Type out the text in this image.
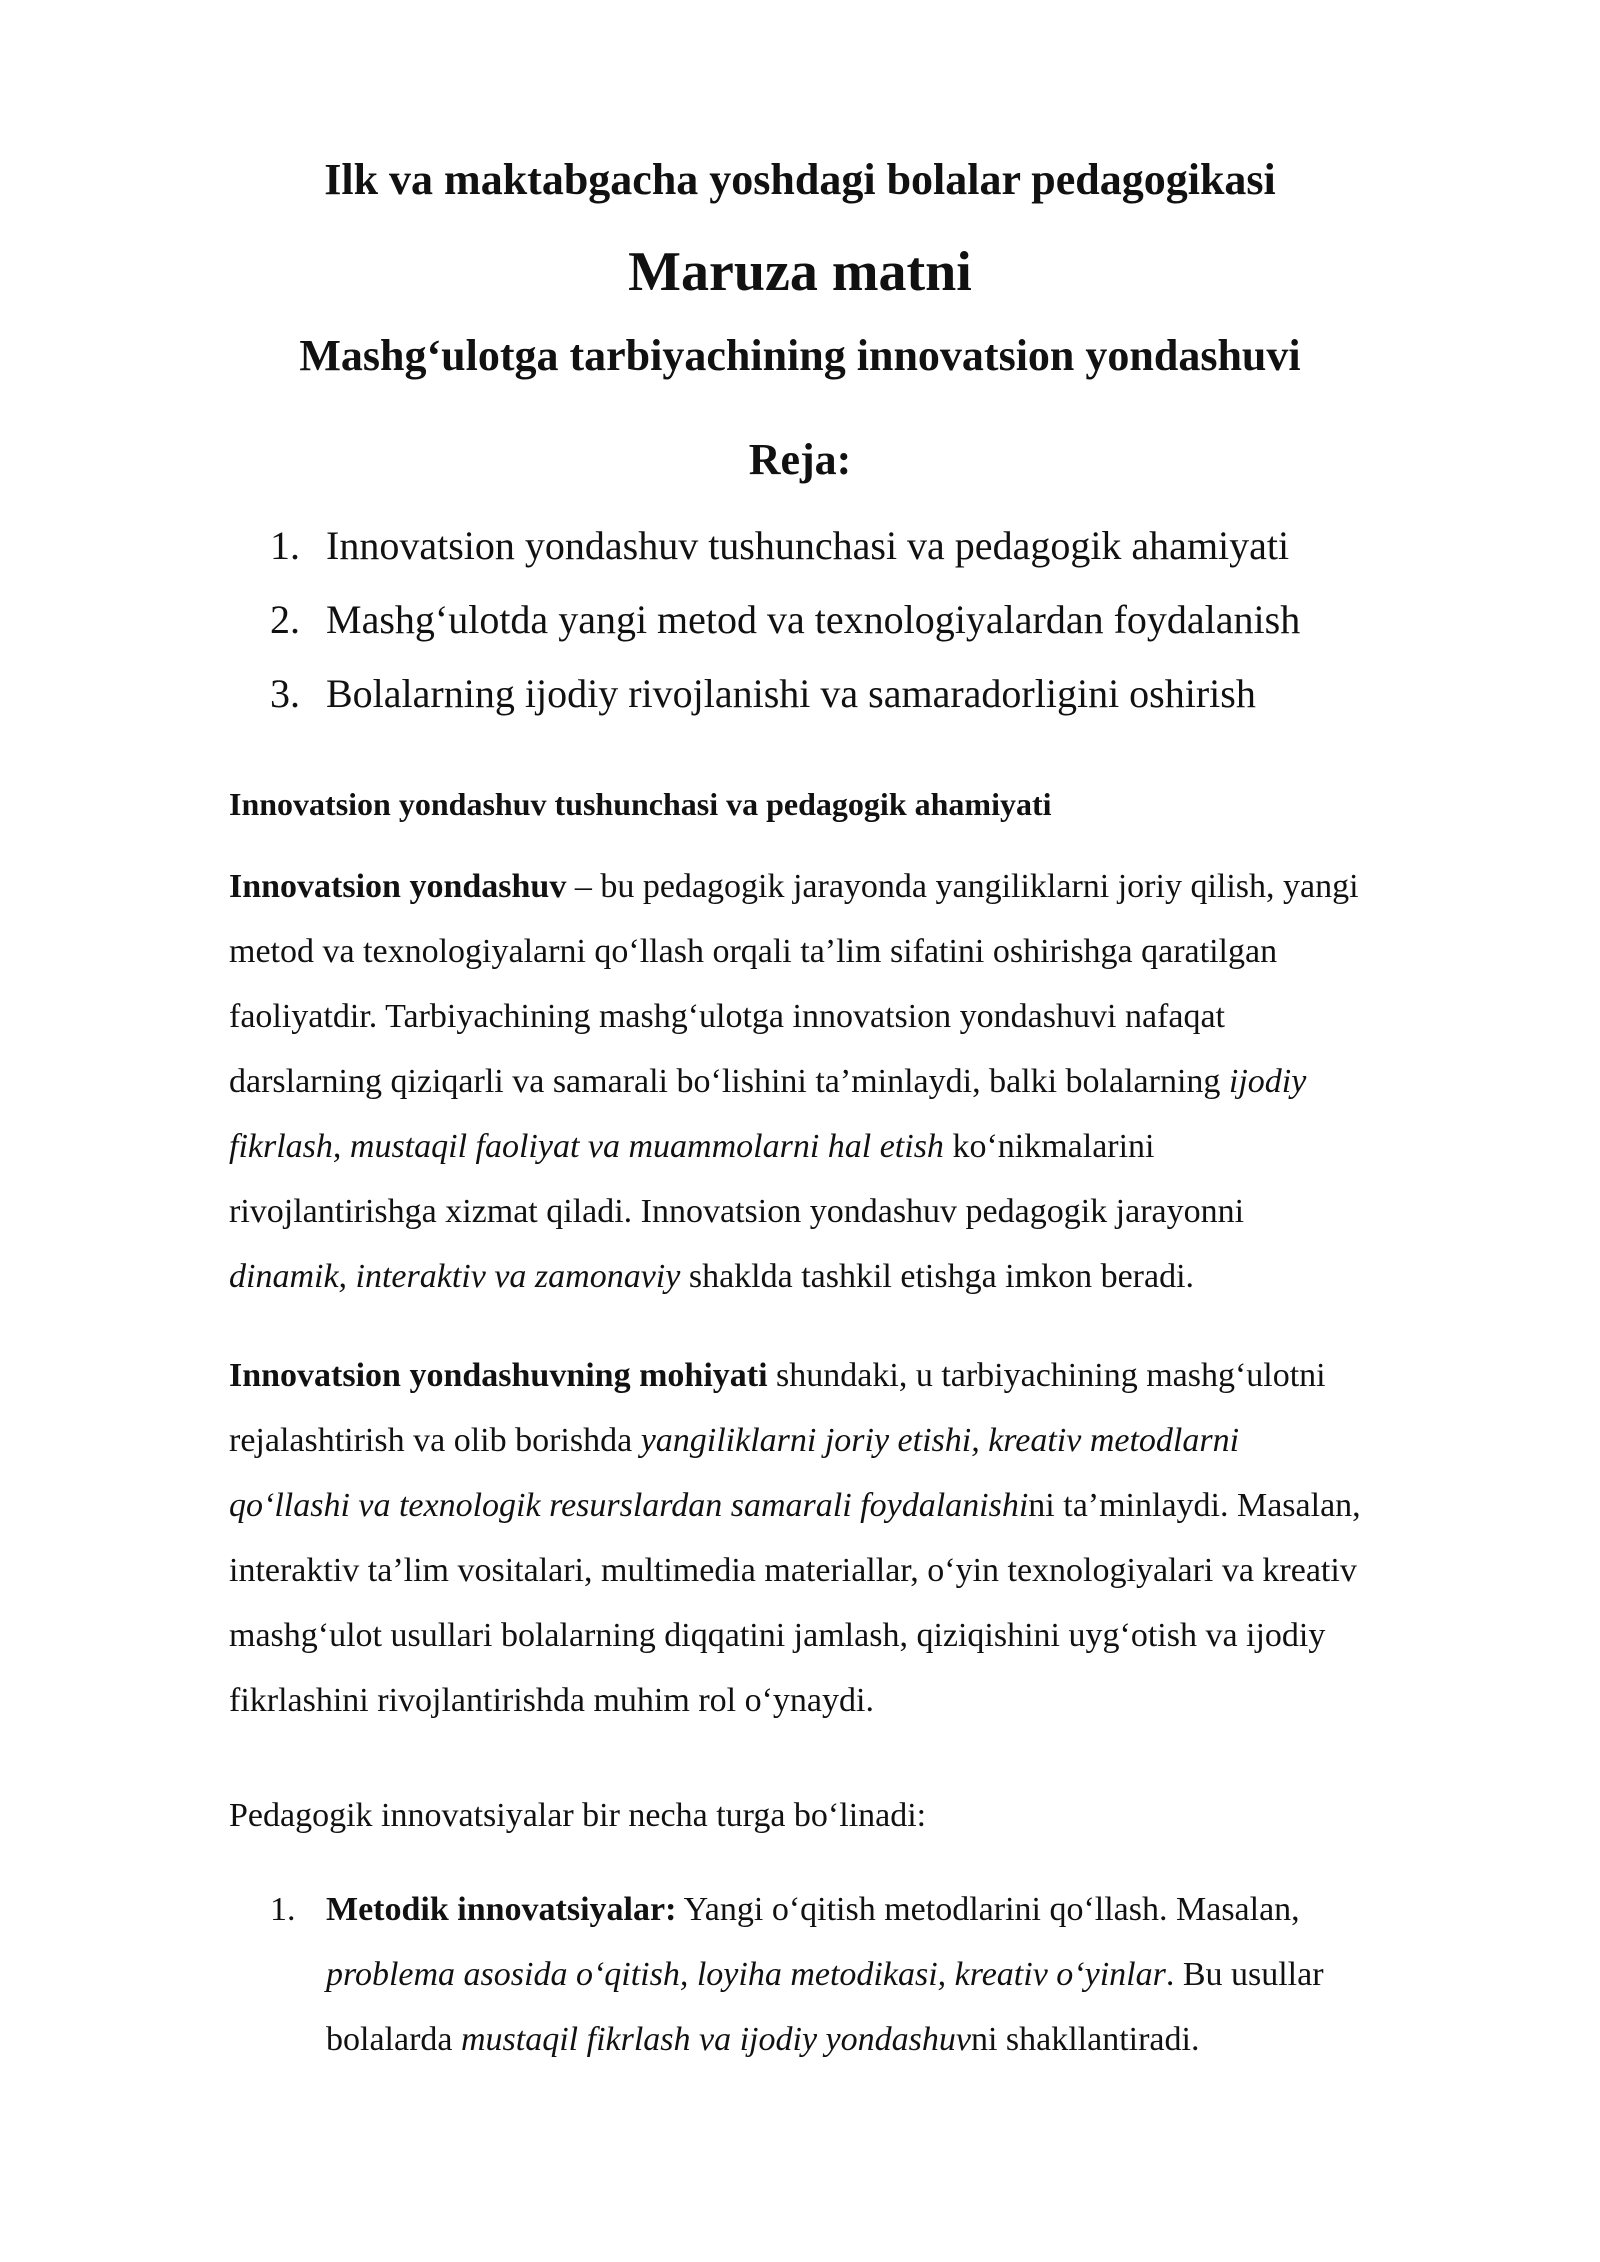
Ilk va maktabgacha yoshdagi bolalar pedagogikasi
Maruza matni
Mashg‘ulotga tarbiyachining innovatsion yondashuvi
Reja:
1. Innovatsion yondashuv tushunchasi va pedagogik ahamiyati
2. Mashg‘ulotda yangi metod va texnologiyalardan foydalanish
3. Bolalarning ijodiy rivojlanishi va samaradorligini oshirish
Innovatsion yondashuv tushunchasi va pedagogik ahamiyati
Innovatsion yondashuv – bu pedagogik jarayonda yangiliklarni joriy qilish, yangi
metod va texnologiyalarni qo‘llash orqali ta’lim sifatini oshirishga qaratilgan
faoliyatdir. Tarbiyachining mashg‘ulotga innovatsion yondashuvi nafaqat
darslarning qiziqarli va samarali bo‘lishini ta’minlaydi, balki bolalarning ijodiy
fikrlash, mustaqil faoliyat va muammolarni hal etish ko‘nikmalarini
rivojlantirishga xizmat qiladi. Innovatsion yondashuv pedagogik jarayonni
dinamik, interaktiv va zamonaviy shaklda tashkil etishga imkon beradi.
Innovatsion yondashuvning mohiyati shundaki, u tarbiyachining mashg‘ulotni
rejalashtirish va olib borishda yangiliklarni joriy etishi, kreativ metodlarni
qo‘llashi va texnologik resurslardan samarali foydalanishini ta’minlaydi. Masalan,
interaktiv ta’lim vositalari, multimedia materiallar, o‘yin texnologiyalari va kreativ
mashg‘ulot usullari bolalarning diqqatini jamlash, qiziqishini uyg‘otish va ijodiy
fikrlashini rivojlantirishda muhim rol o‘ynaydi.
Pedagogik innovatsiyalar bir necha turga bo‘linadi:
1. Metodik innovatsiyalar: Yangi o‘qitish metodlarini qo‘llash. Masalan,
problema asosida o‘qitish, loyiha metodikasi, kreativ o‘yinlar. Bu usullar
bolalarda mustaqil fikrlash va ijodiy yondashuvni shakllantiradi.
